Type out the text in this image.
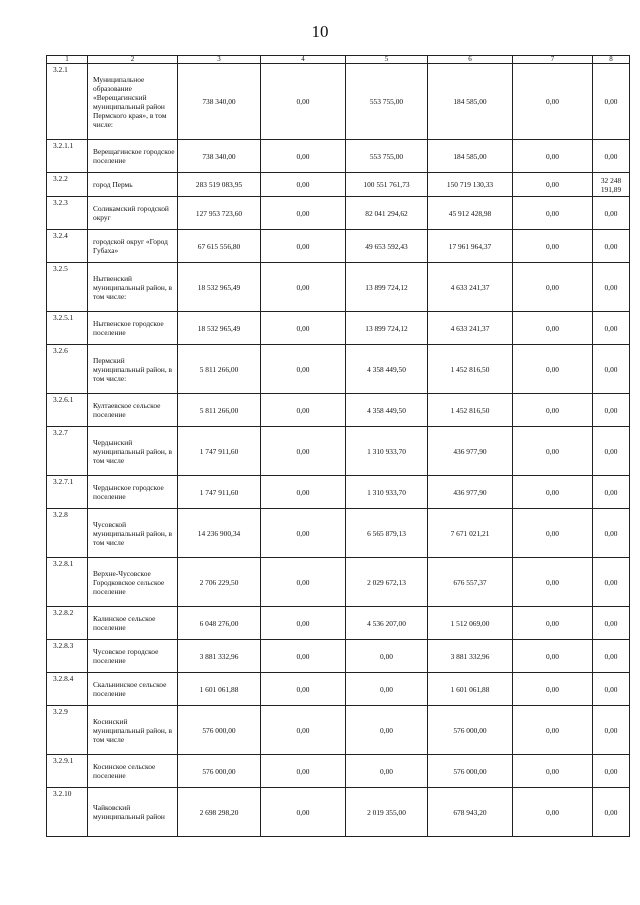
10
1	2	3	4	5	6	7	8
3.2.1	Муниципальное образование «Верещагинский муниципальный район Пермского края», в том числе:	738 340,00	0,00	553 755,00	184 585,00	0,00	0,00
3.2.1.1	Верещагинское городское поселение	738 340,00	0,00	553 755,00	184 585,00	0,00	0,00
3.2.2	город Пермь	283 519 083,95	0,00	100 551 761,73	150 719 130,33	0,00	32 248 191,89
3.2.3	Соликамский городской округ	127 953 723,60	0,00	82 041 294,62	45 912 428,98	0,00	0,00
3.2.4	городской округ «Город Губаха»	67 615 556,80	0,00	49 653 592,43	17 961 964,37	0,00	0,00
3.2.5	Нытвенский муниципальный район, в том числе:	18 532 965,49	0,00	13 899 724,12	4 633 241,37	0,00	0,00
3.2.5.1	Нытвенское городское поселение	18 532 965,49	0,00	13 899 724,12	4 633 241,37	0,00	0,00
3.2.6	Пермский муниципальный район, в том числе:	5 811 266,00	0,00	4 358 449,50	1 452 816,50	0,00	0,00
3.2.6.1	Култаевское сельское поселение	5 811 266,00	0,00	4 358 449,50	1 452 816,50	0,00	0,00
3.2.7	Чердынский муниципальный район, в том числе	1 747 911,60	0,00	1 310 933,70	436 977,90	0,00	0,00
3.2.7.1	Чердынское городское поселение	1 747 911,60	0,00	1 310 933,70	436 977,90	0,00	0,00
3.2.8	Чусовской муниципальный район, в том числе	14 236 900,34	0,00	6 565 879,13	7 671 021,21	0,00	0,00
3.2.8.1	Верхне-Чусовское Городковское сельское поселение	2 706 229,50	0,00	2 029 672,13	676 557,37	0,00	0,00
3.2.8.2	Калинское сельское поселение	6 048 276,00	0,00	4 536 207,00	1 512 069,00	0,00	0,00
3.2.8.3	Чусовское городское поселение	3 881 332,96	0,00	0,00	3 881 332,96	0,00	0,00
3.2.8.4	Скальнинское сельское поселение	1 601 061,88	0,00	0,00	1 601 061,88	0,00	0,00
3.2.9	Косинский муниципальный район, в том числе	576 000,00	0,00	0,00	576 000,00	0,00	0,00
3.2.9.1	Косинское сельское поселение	576 000,00	0,00	0,00	576 000,00	0,00	0,00
3.2.10	Чайковский муниципальный район	2 698 298,20	0,00	2 019 355,00	678 943,20	0,00	0,00
